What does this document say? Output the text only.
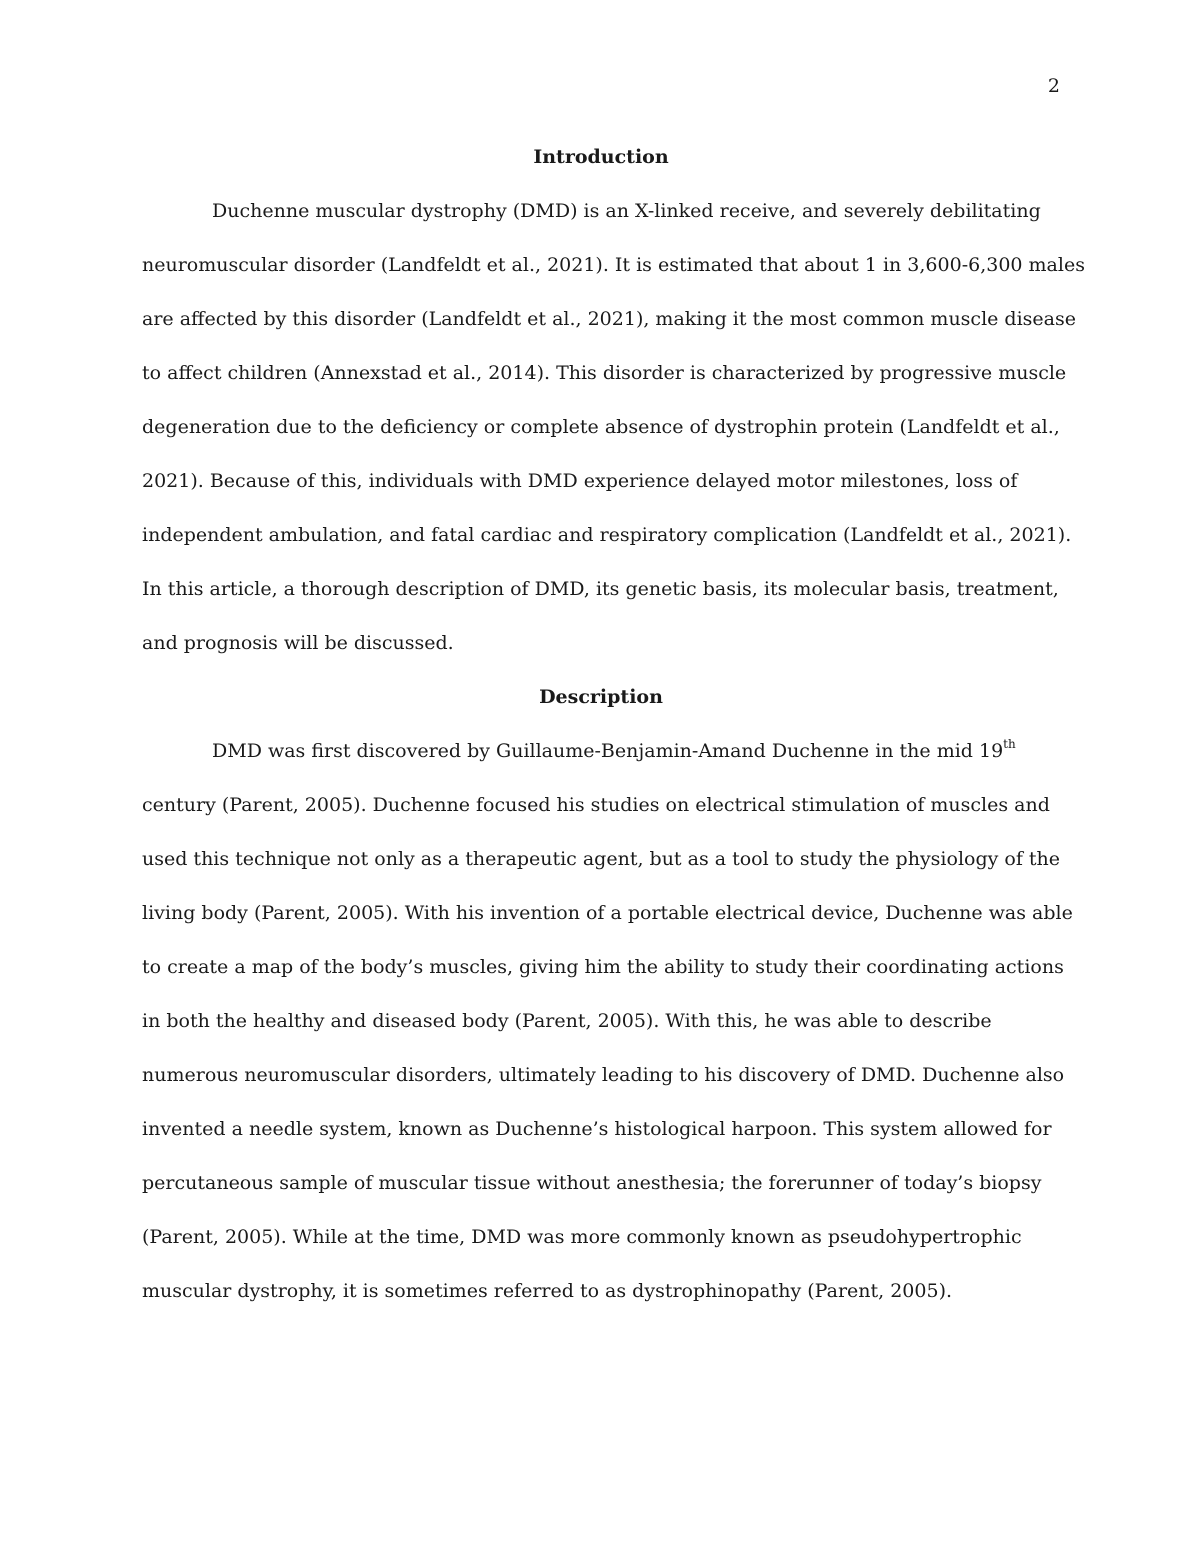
2
Introduction
Duchenne muscular dystrophy (DMD) is an X-linked receive, and severely debilitating
neuromuscular disorder (Landfeldt et al., 2021). It is estimated that about 1 in 3,600-6,300 males
are affected by this disorder (Landfeldt et al., 2021), making it the most common muscle disease
to affect children (Annexstad et al., 2014). This disorder is characterized by progressive muscle
degeneration due to the deficiency or complete absence of dystrophin protein (Landfeldt et al.,
2021). Because of this, individuals with DMD experience delayed motor milestones, loss of
independent ambulation, and fatal cardiac and respiratory complication (Landfeldt et al., 2021).
In this article, a thorough description of DMD, its genetic basis, its molecular basis, treatment,
and prognosis will be discussed.
Description
DMD was first discovered by Guillaume-Benjamin-Amand Duchenne in the mid 19th
century (Parent, 2005). Duchenne focused his studies on electrical stimulation of muscles and
used this technique not only as a therapeutic agent, but as a tool to study the physiology of the
living body (Parent, 2005). With his invention of a portable electrical device, Duchenne was able
to create a map of the body’s muscles, giving him the ability to study their coordinating actions
in both the healthy and diseased body (Parent, 2005). With this, he was able to describe
numerous neuromuscular disorders, ultimately leading to his discovery of DMD. Duchenne also
invented a needle system, known as Duchenne’s histological harpoon. This system allowed for
percutaneous sample of muscular tissue without anesthesia; the forerunner of today’s biopsy
(Parent, 2005). While at the time, DMD was more commonly known as pseudohypertrophic
muscular dystrophy, it is sometimes referred to as dystrophinopathy (Parent, 2005).
